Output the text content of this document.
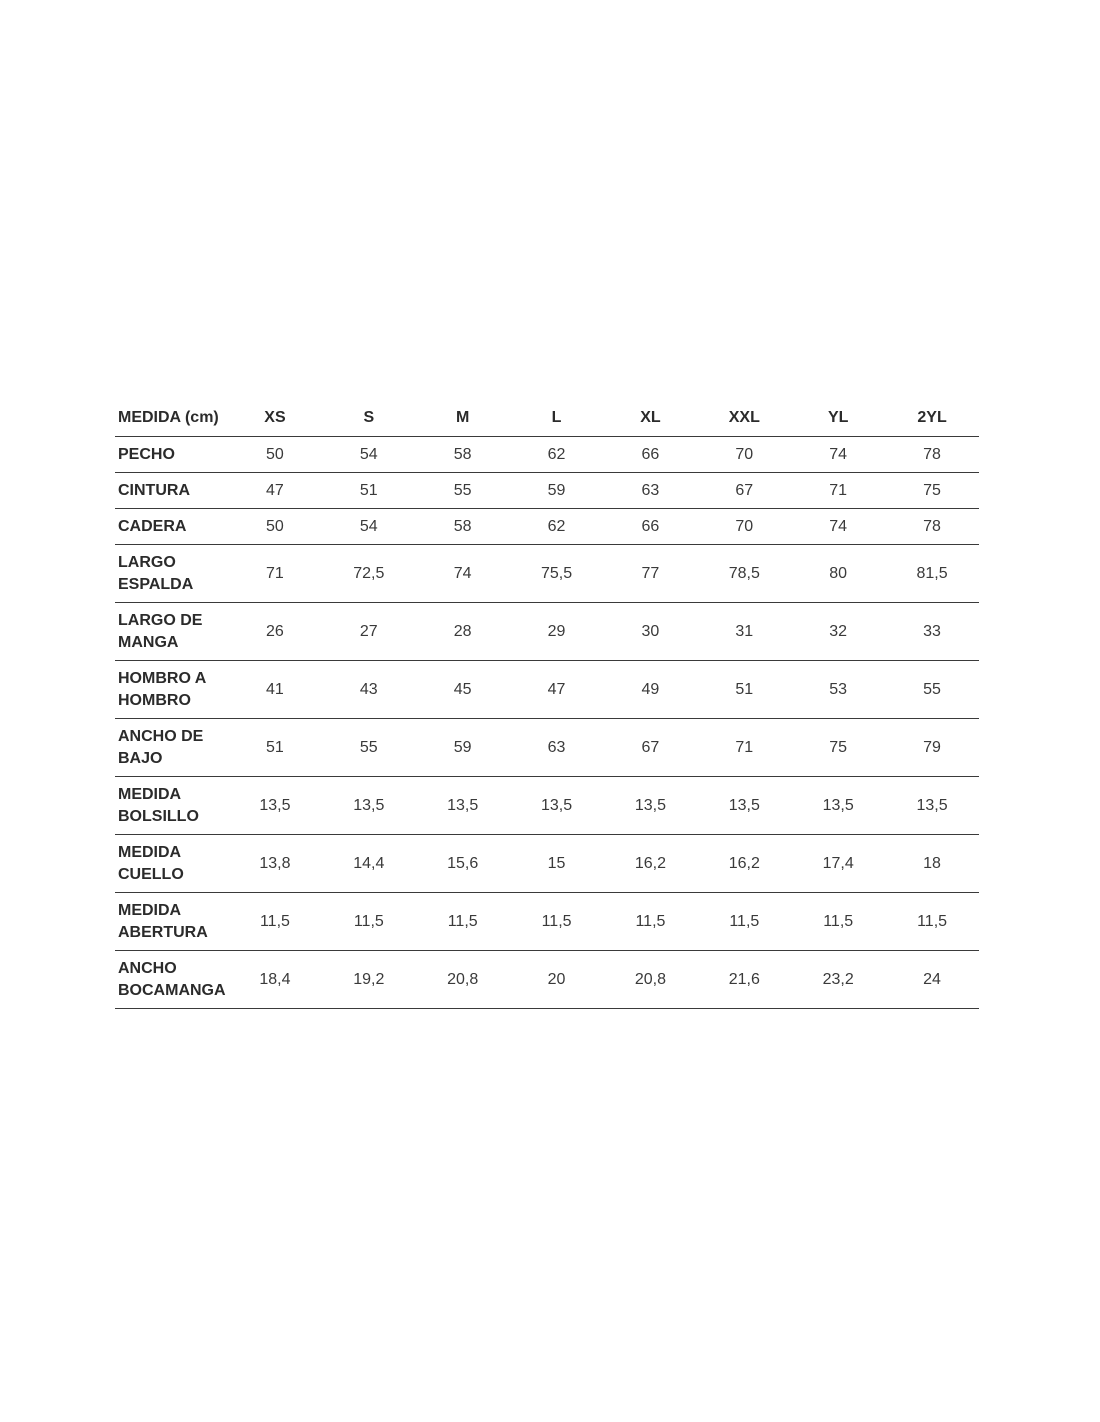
MEDIDA (cm)	XS	S	M	L	XL	XXL	YL	2YL
PECHO	50	54	58	62	66	70	74	78
CINTURA	47	51	55	59	63	67	71	75
CADERA	50	54	58	62	66	70	74	78
LARGO
ESPALDA	71	72,5	74	75,5	77	78,5	80	81,5
LARGO DE
MANGA	26	27	28	29	30	31	32	33
HOMBRO A
HOMBRO	41	43	45	47	49	51	53	55
ANCHO DE
BAJO	51	55	59	63	67	71	75	79
MEDIDA
BOLSILLO	13,5	13,5	13,5	13,5	13,5	13,5	13,5	13,5
MEDIDA
CUELLO	13,8	14,4	15,6	15	16,2	16,2	17,4	18
MEDIDA
ABERTURA	11,5	11,5	11,5	11,5	11,5	11,5	11,5	11,5
ANCHO
BOCAMANGA	18,4	19,2	20,8	20	20,8	21,6	23,2	24
